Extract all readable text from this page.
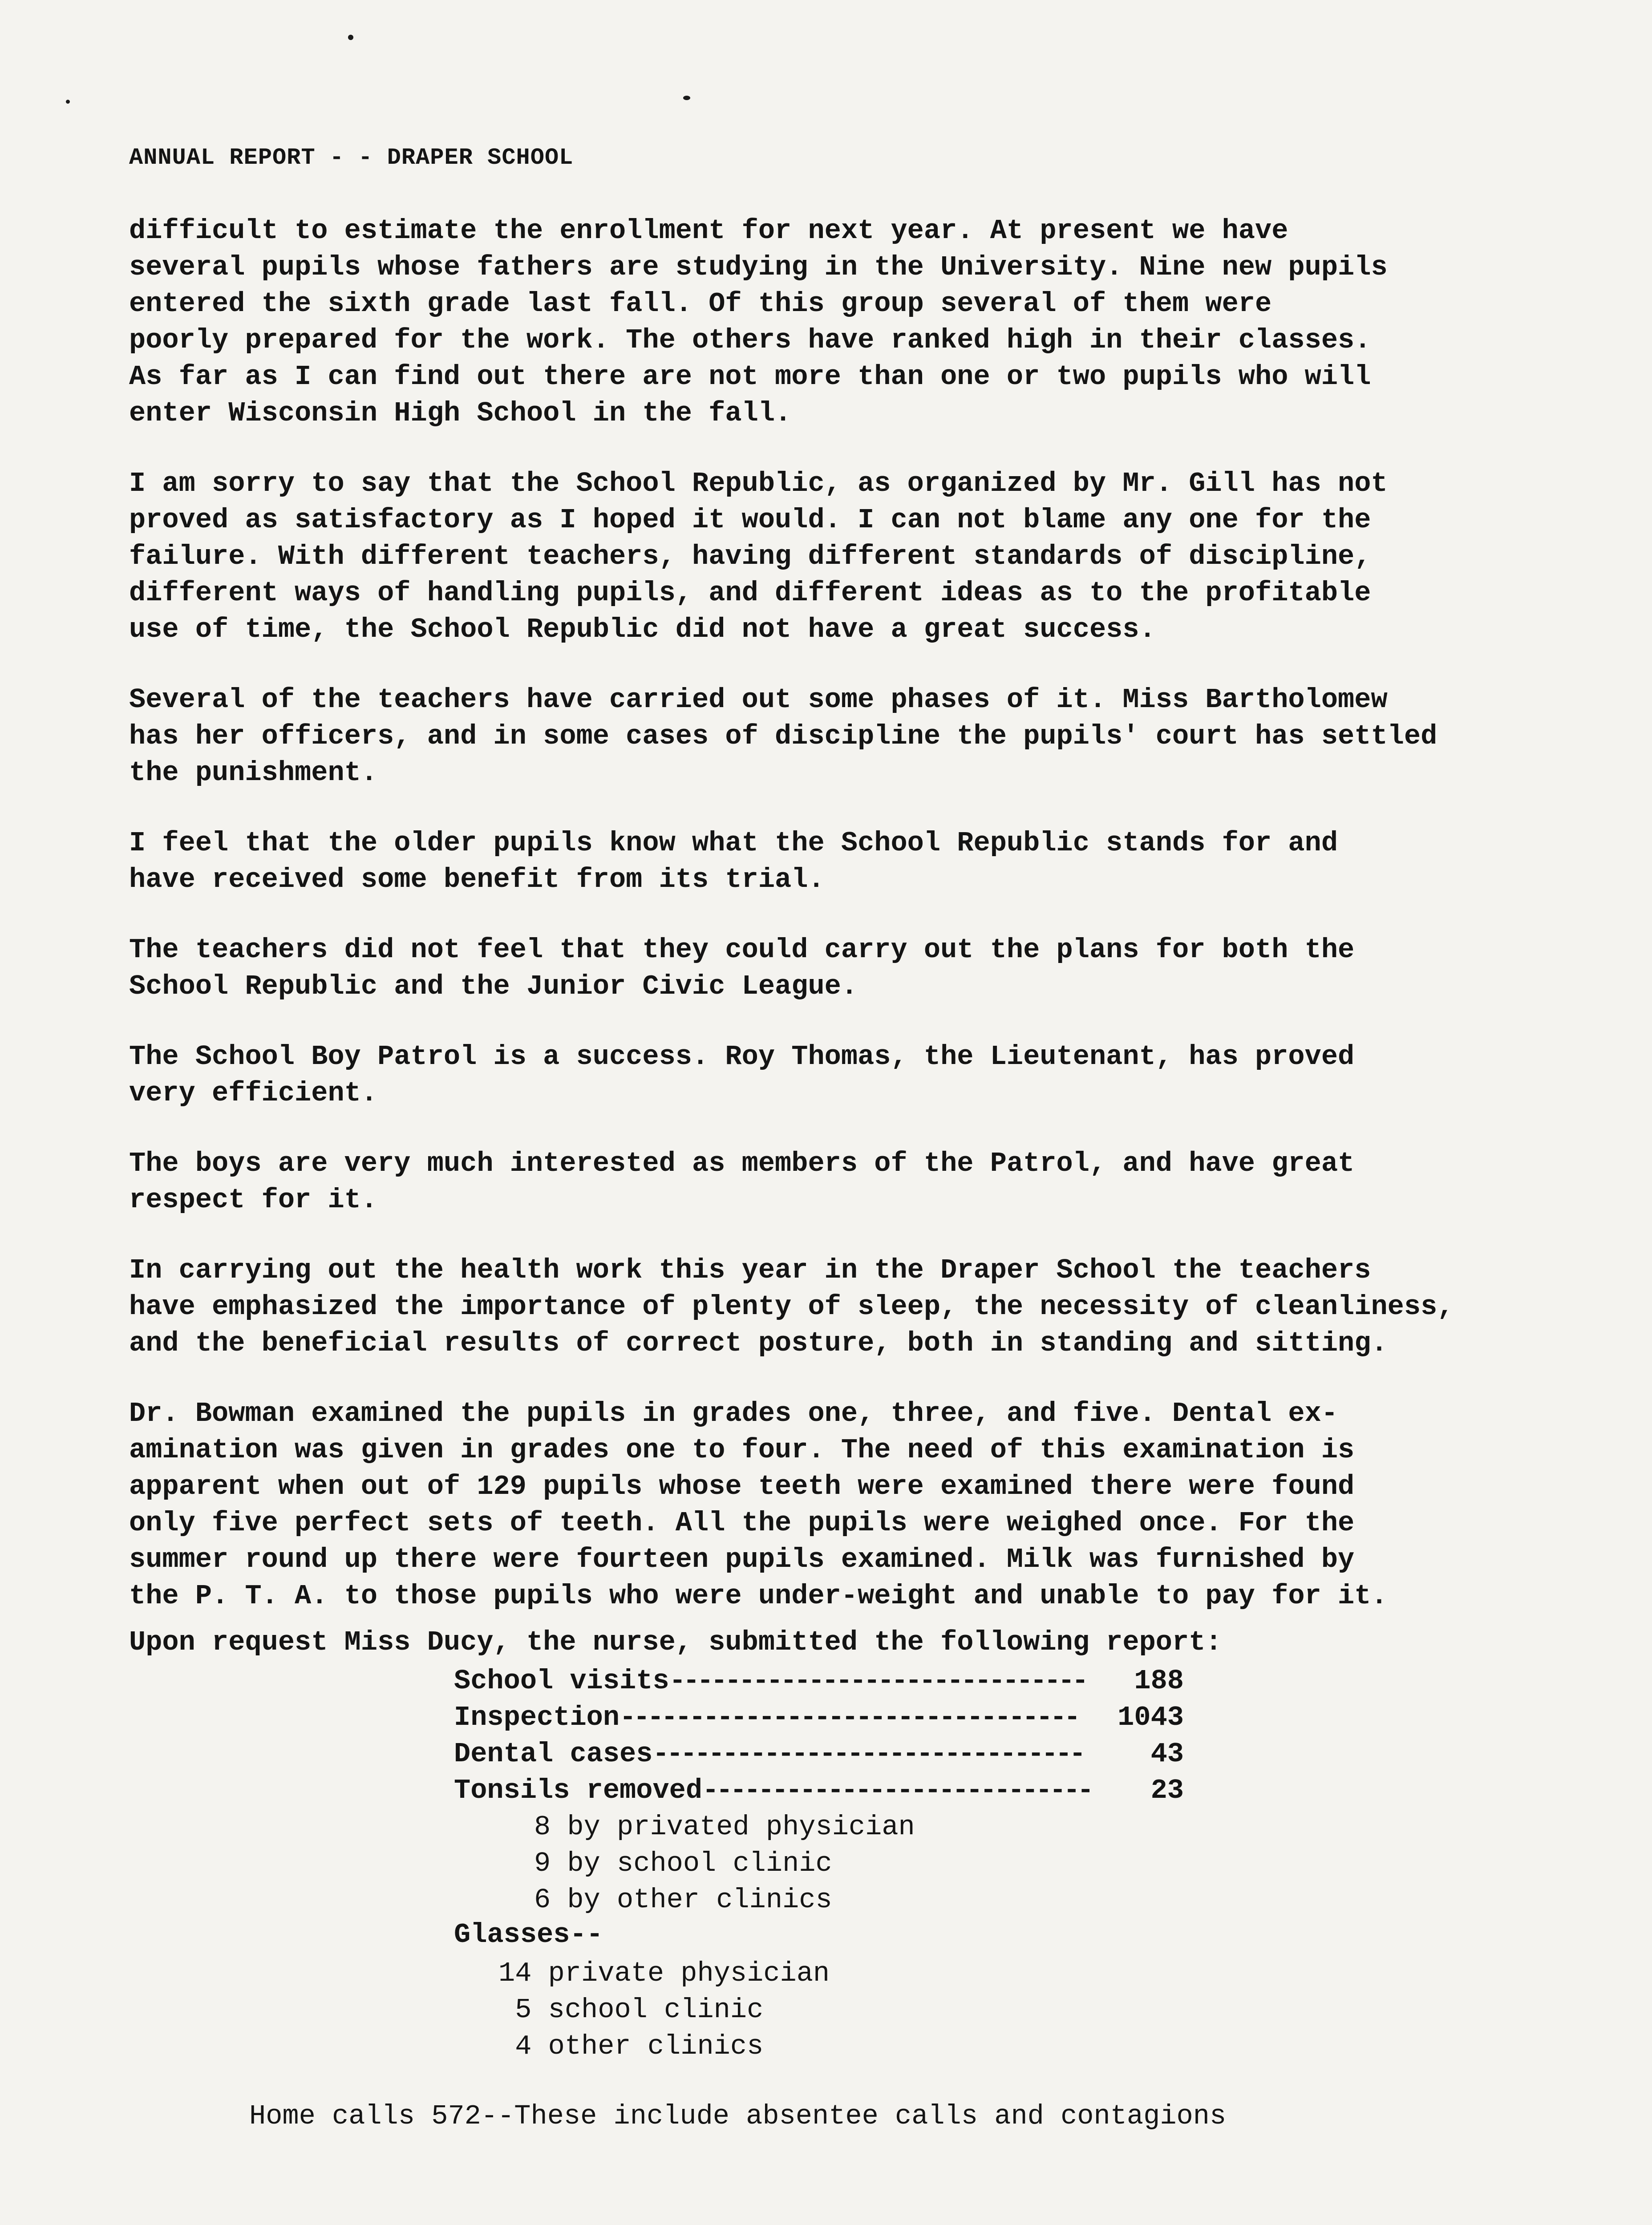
ANNUAL REPORT - - DRAPER SCHOOL
difficult to estimate the enrollment for next year. At present we have
several pupils whose fathers are studying in the University. Nine new pupils
entered the sixth grade last fall. Of this group several of them were
poorly prepared for the work. The others have ranked high in their classes.
As far as I can find out there are not more than one or two pupils who will
enter Wisconsin High School in the fall.
I am sorry to say that the School Republic, as organized by Mr. Gill has not
proved as satisfactory as I hoped it would. I can not blame any one for the
failure. With different teachers, having different standards of discipline,
different ways of handling pupils, and different ideas as to the profitable
use of time, the School Republic did not have a great success.
Several of the teachers have carried out some phases of it. Miss Bartholomew
has her officers, and in some cases of discipline the pupils' court has settled
the punishment.
I feel that the older pupils know what the School Republic stands for and
have received some benefit from its trial.
The teachers did not feel that they could carry out the plans for both the
School Republic and the Junior Civic League.
The School Boy Patrol is a success. Roy Thomas, the Lieutenant, has proved
very efficient.
The boys are very much interested as members of the Patrol, and have great
respect for it.
In carrying out the health work this year in the Draper School the teachers
have emphasized the importance of plenty of sleep, the necessity of cleanliness,
and the beneficial results of correct posture, both in standing and sitting.
Dr. Bowman examined the pupils in grades one, three, and five. Dental ex-
amination was given in grades one to four. The need of this examination is
apparent when out of 129 pupils whose teeth were examined there were found
only five perfect sets of teeth. All the pupils were weighed once. For the
summer round up there were fourteen pupils examined. Milk was furnished by
the P. T. A. to those pupils who were under-weight and unable to pay for it.
Upon request Miss Ducy, the nurse, submitted the following report:
School visits ------------------------------	188
Inspection ---------------------------------	1043
Dental cases -------------------------------	43
Tonsils removed ----------------------------	23
8 by privated physician
9 by school clinic
6 by other clinics
Glasses--
14 private physician
5 school clinic
4 other clinics
Home calls 572--These include absentee calls and contagions
